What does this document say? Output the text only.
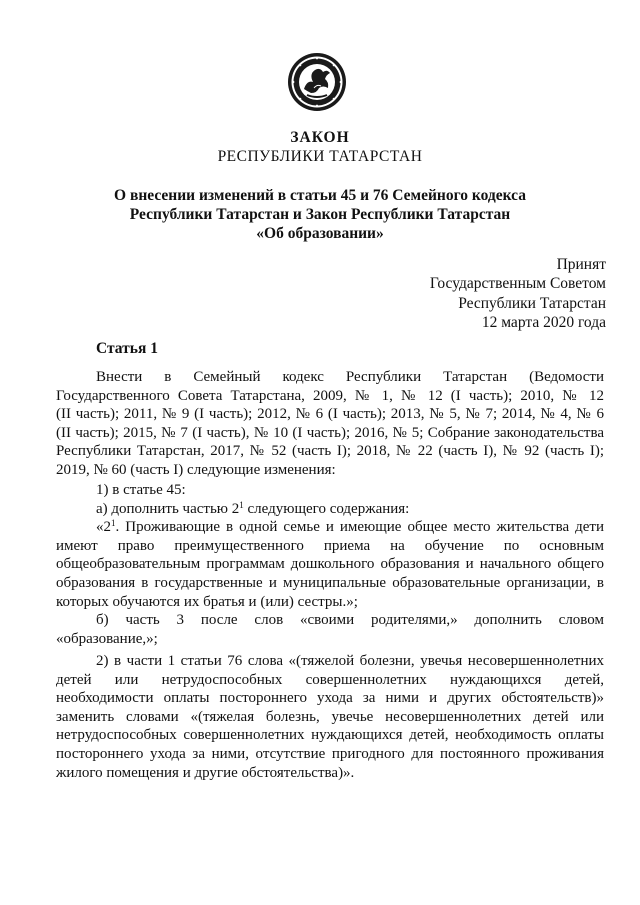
ЗАКОН
РЕСПУБЛИКИ ТАТАРСТАН
О внесении изменений в статьи 45 и 76 Семейного кодекса
Республики Татарстан и Закон Республики Татарстан
«Об образовании»
Принят
Государственным Советом
Республики Татарстан
12 марта 2020 года
Статья 1
Внести в Семейный кодекс Республики Татарстан (Ведомости
Государственного Совета Татарстана, 2009, № 1, № 12 (I часть); 2010, № 12
(II часть); 2011, № 9 (I часть); 2012, № 6 (I часть); 2013, № 5, № 7; 2014, № 4, № 6
(II часть); 2015, № 7 (I часть), № 10 (I часть); 2016, № 5; Собрание законодательства
Республики Татарстан, 2017, № 52 (часть I); 2018, № 22 (часть I), № 92 (часть I);
2019, № 60 (часть I) следующие изменения:
1) в статье 45:
а) дополнить частью $2^1$ следующего содержания:
«$2^1$. Проживающие в одной семье и имеющие общее место жительства дети
имеют право преимущественного приема на обучение по основным
общеобразовательным программам дошкольного образования и начального общего
образования в государственные и муниципальные образовательные организации, в
которых обучаются их братья и (или) сестры.»;
б) часть 3 после слов «своими родителями,» дополнить словом
«образование,»;
2) в части 1 статьи 76 слова «(тяжелой болезни, увечья несовершеннолетних
детей или нетрудоспособных совершеннолетних нуждающихся детей,
необходимости оплаты постороннего ухода за ними и других обстоятельств)»
заменить словами «(тяжелая болезнь, увечье несовершеннолетних детей или
нетрудоспособных совершеннолетних нуждающихся детей, необходимость оплаты
постороннего ухода за ними, отсутствие пригодного для постоянного проживания
жилого помещения и другие обстоятельства)».
